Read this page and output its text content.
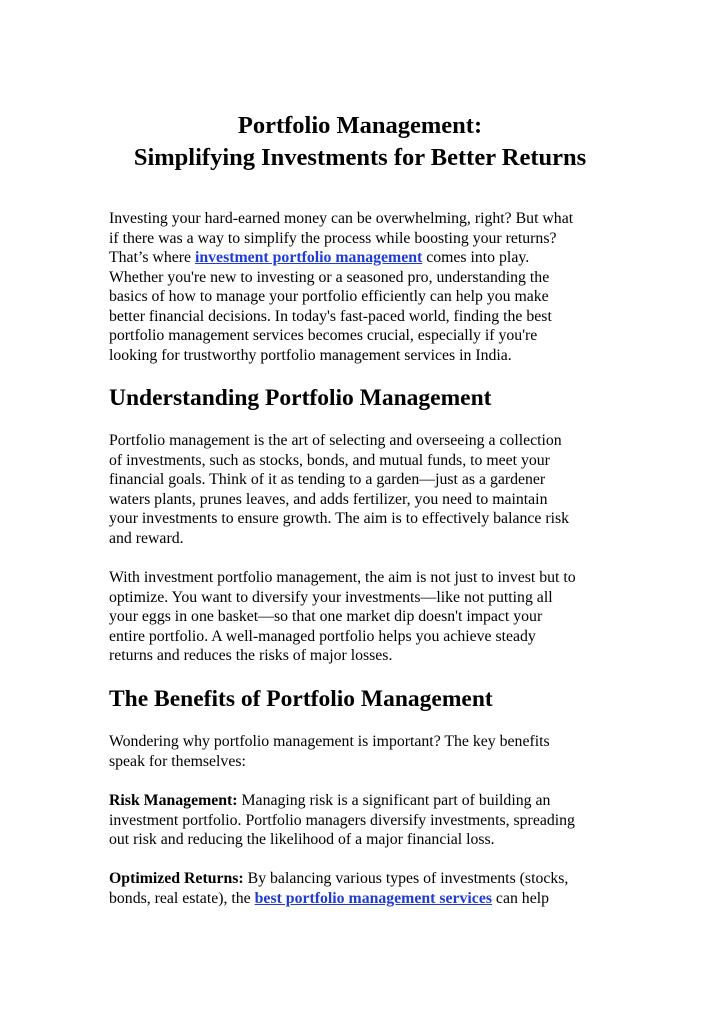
Portfolio Management:
Simplifying Investments for Better Returns
Investing your hard-earned money can be overwhelming, right? But what
if there was a way to simplify the process while boosting your returns?
That’s where investment portfolio management comes into play.
Whether you're new to investing or a seasoned pro, understanding the
basics of how to manage your portfolio efficiently can help you make
better financial decisions. In today's fast-paced world, finding the best
portfolio management services becomes crucial, especially if you're
looking for trustworthy portfolio management services in India.
Understanding Portfolio Management
Portfolio management is the art of selecting and overseeing a collection
of investments, such as stocks, bonds, and mutual funds, to meet your
financial goals. Think of it as tending to a garden—just as a gardener
waters plants, prunes leaves, and adds fertilizer, you need to maintain
your investments to ensure growth. The aim is to effectively balance risk
and reward.
With investment portfolio management, the aim is not just to invest but to
optimize. You want to diversify your investments—like not putting all
your eggs in one basket—so that one market dip doesn't impact your
entire portfolio. A well-managed portfolio helps you achieve steady
returns and reduces the risks of major losses.
The Benefits of Portfolio Management
Wondering why portfolio management is important? The key benefits
speak for themselves:
Risk Management: Managing risk is a significant part of building an
investment portfolio. Portfolio managers diversify investments, spreading
out risk and reducing the likelihood of a major financial loss.
Optimized Returns: By balancing various types of investments (stocks,
bonds, real estate), the best portfolio management services can help
